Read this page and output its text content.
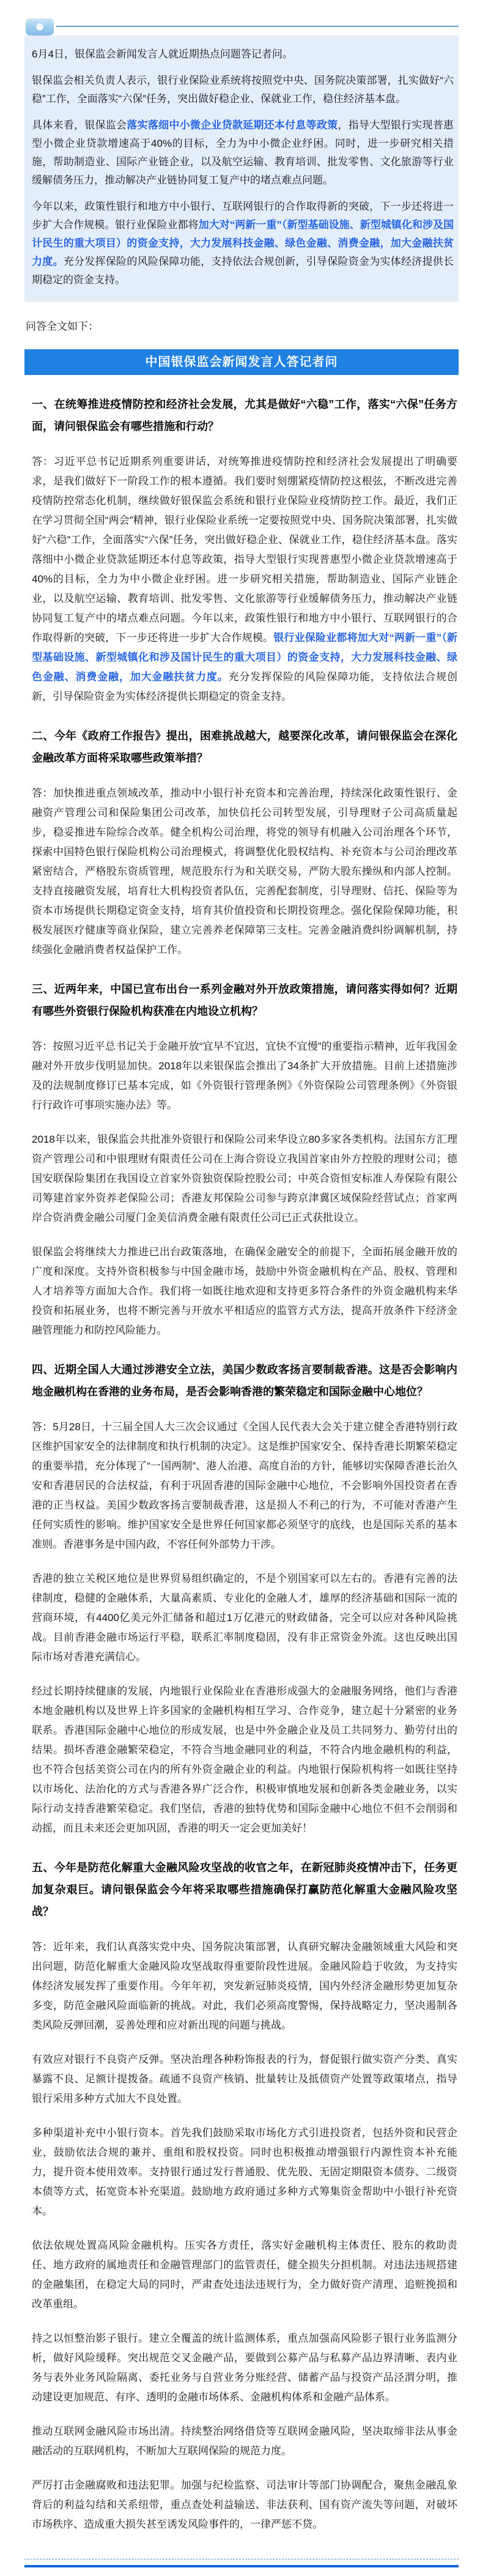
6月4日，银保监会新闻发言人就近期热点问题答记者问。

银保监会相关负责人表示，银行业保险业系统将按照党中央、国务院决策部署，扎实做好“六稳”工作，全面落实“六保”任务，突出做好稳企业、保就业工作，稳住经济基本盘。

具体来看，银保监会落实落细中小微企业贷款延期还本付息等政策，指导大型银行实现普惠型小微企业贷款增速高于40%的目标，全力为中小微企业纾困。同时，进一步研究相关措施，帮助制造业、国际产业链企业，以及航空运输、教育培训、批发零售、文化旅游等行业缓解债务压力，推动解决产业链协同复工复产中的堵点难点问题。

今年以来，政策性银行和地方中小银行、互联网银行的合作取得新的突破，下一步还将进一步扩大合作规模。银行业保险业都将加大对“两新一重”（新型基础设施、新型城镇化和涉及国计民生的重大项目）的资金支持，大力发展科技金融、绿色金融、消费金融，加大金融扶贫力度。充分发挥保险的风险保障功能，支持依法合规创新，引导保险资金为实体经济提供长期稳定的资金支持。

问答全文如下：

中国银保监会新闻发言人答记者问
一、在统筹推进疫情防控和经济社会发展，尤其是做好“六稳”工作，落实“六保”任务方面，请问银保监会有哪些措施和行动？

答：习近平总书记近期系列重要讲话，对统筹推进疫情防控和经济社会发展提出了明确要求，是我们做好下一阶段工作的根本遵循。我们要时刻绷紧疫情防控这根弦，不断改进完善疫情防控常态化机制，继续做好银保监会系统和银行业保险业疫情防控工作。最近，我们正在学习贯彻全国“两会”精神，银行业保险业系统一定要按照党中央、国务院决策部署，扎实做好“六稳”工作，全面落实“六保”任务，突出做好稳企业、保就业工作，稳住经济基本盘。落实落细中小微企业贷款延期还本付息等政策，指导大型银行实现普惠型小微企业贷款增速高于40%的目标，全力为中小微企业纾困。进一步研究相关措施，帮助制造业、国际产业链企业，以及航空运输、教育培训、批发零售、文化旅游等行业缓解债务压力，推动解决产业链协同复工复产中的堵点难点问题。今年以来，政策性银行和地方中小银行、互联网银行的合作取得新的突破，下一步还将进一步扩大合作规模。银行业保险业都将加大对“两新一重”（新型基础设施、新型城镇化和涉及国计民生的重大项目）的资金支持，大力发展科技金融、绿色金融、消费金融，加大金融扶贫力度。充分发挥保险的风险保障功能，支持依法合规创新，引导保险资金为实体经济提供长期稳定的资金支持。

二、今年《政府工作报告》提出，困难挑战越大，越要深化改革，请问银保监会在深化金融改革方面将采取哪些政策举措？

答：加快推进重点领域改革，推动中小银行补充资本和完善治理，持续深化政策性银行、金融资产管理公司和保险集团公司改革，加快信托公司转型发展，引导理财子公司高质量起步，稳妥推进车险综合改革。健全机构公司治理，将党的领导有机融入公司治理各个环节，探索中国特色银行保险机构公司治理模式，将调整优化股权结构、补充资本与公司治理改革紧密结合，严格股东资质管理，规范股东行为和关联交易，严防大股东操纵和内部人控制。支持直接融资发展，培育壮大机构投资者队伍，完善配套制度，引导理财、信托、保险等为资本市场提供长期稳定资金支持，培育其价值投资和长期投资理念。强化保险保障功能，积极发展医疗健康等商业保险，建立完善养老保障第三支柱。完善金融消费纠纷调解机制，持续强化金融消费者权益保护工作。

三、近两年来，中国已宣布出台一系列金融对外开放政策措施，请问落实得如何？近期有哪些外资银行保险机构获准在内地设立机构？

答：按照习近平总书记关于金融开放“宜早不宜迟，宜快不宜慢”的重要指示精神，近年我国金融对外开放步伐明显加快。2018年以来银保监会推出了34条扩大开放措施。目前上述措施涉及的法规制度修订已基本完成，如《外资银行管理条例》《外资保险公司管理条例》《外资银行行政许可事项实施办法》等。

2018年以来，银保监会共批准外资银行和保险公司来华设立80多家各类机构。法国东方汇理资产管理公司和中银理财有限责任公司在上海合资设立我国首家由外方控股的理财公司；德国安联保险集团在我国设立首家外资独资保险控股公司；中英合资恒安标准人寿保险有限公司筹建首家外资养老保险公司；香港友邦保险公司参与跨京津冀区域保险经营试点；首家两岸合资消费金融公司厦门金美信消费金融有限责任公司已正式获批设立。

银保监会将继续大力推进已出台政策落地，在确保金融安全的前提下，全面拓展金融开放的广度和深度。支持外资积极参与中国金融市场，鼓励中外资金融机构在产品、股权、管理和人才培养等方面加大合作。我们将一如既往地欢迎和支持更多符合条件的外资金融机构来华投资和拓展业务，也将不断完善与开放水平相适应的监管方式方法，提高开放条件下经济金融管理能力和防控风险能力。

四、近期全国人大通过涉港安全立法，美国少数政客扬言要制裁香港。这是否会影响内地金融机构在香港的业务布局，是否会影响香港的繁荣稳定和国际金融中心地位？

答：5月28日，十三届全国人大三次会议通过《全国人民代表大会关于建立健全香港特别行政区维护国家安全的法律制度和执行机制的决定》。这是维护国家安全、保持香港长期繁荣稳定的重要举措，充分体现了“一国两制”、港人治港、高度自治的方针，能够切实保障香港长治久安和香港居民的合法权益，有利于巩固香港的国际金融中心地位，不会影响外国投资者在香港的正当权益。美国少数政客扬言要制裁香港，这是损人不利己的行为，不可能对香港产生任何实质性的影响。维护国家安全是世界任何国家都必须坚守的底线，也是国际关系的基本准则。香港事务是中国内政，不容任何外部势力干涉。

香港的独立关税区地位是世界贸易组织确定的，不是个别国家可以左右的。香港有完善的法律制度，稳健的金融体系，大量高素质、专业化的金融人才，雄厚的经济基础和国际一流的营商环境，有4400亿美元外汇储备和超过1万亿港元的财政储备，完全可以应对各种风险挑战。目前香港金融市场运行平稳，联系汇率制度稳固，没有非正常资金外流。这也反映出国际市场对香港充满信心。

经过长期持续健康的发展，内地银行业保险业在香港形成强大的金融服务网络，他们与香港本地金融机构以及世界上许多国家的金融机构相互学习、合作竞争，建立起十分紧密的业务联系。香港国际金融中心地位的形成发展，也是中外金融企业及员工共同努力、勤劳付出的结果。损坏香港金融繁荣稳定，不符合当地金融同业的利益，不符合内地金融机构的利益，也不符合包括美资公司在内的所有外资金融企业的利益。内地银行保险机构将一如既往坚持以市场化、法治化的方式与香港各界广泛合作，积极审慎地发展和创新各类金融业务，以实际行动支持香港繁荣稳定。我们坚信，香港的独特优势和国际金融中心地位不但不会削弱和动摇，而且未来还会更加巩固，香港的明天一定会更加美好！

五、今年是防范化解重大金融风险攻坚战的收官之年，在新冠肺炎疫情冲击下，任务更加复杂艰巨。请问银保监会今年将采取哪些措施确保打赢防范化解重大金融风险攻坚战？

答：近年来，我们认真落实党中央、国务院决策部署，认真研究解决金融领域重大风险和突出问题，防范化解重大金融风险攻坚战取得重要阶段性进展。金融风险趋于收敛，为支持实体经济发展发挥了重要作用。今年年初，突发新冠肺炎疫情，国内外经济金融形势更加复杂多变，防范金融风险面临新的挑战。对此，我们必须高度警惕，保持战略定力，坚决遏制各类风险反弹回潮，妥善处理和应对新出现的问题与挑战。

有效应对银行不良资产反弹。坚决治理各种粉饰报表的行为，督促银行做实资产分类、真实暴露不良、足额计提拨备。疏通不良资产核销、批量转让及抵债资产处置等政策堵点，指导银行采用多种方式加大不良处置。

多种渠道补充中小银行资本。首先我们鼓励采取市场化方式引进投资者，包括外资和民营企业，鼓励依法合规的兼并、重组和股权投资。同时也积极推动增强银行内源性资本补充能力，提升资本使用效率。支持银行通过发行普通股、优先股、无固定期限资本债券、二级资本债等方式，拓宽资本补充渠道。鼓励地方政府通过多种方式筹集资金帮助中小银行补充资本。

依法依规处置高风险金融机构。压实各方责任，落实好金融机构主体责任、股东的救助责任、地方政府的属地责任和金融管理部门的监管责任，健全损失分担机制。对违法违规搭建的金融集团，在稳定大局的同时，严肃查处违法违规行为，全力做好资产清理、追赃挽损和改革重组。

持之以恒整治影子银行。建立全覆盖的统计监测体系，重点加强高风险影子银行业务监测分析，做好风险缓释。突出规范交叉金融产品，要做到公募产品与私募产品边界清晰、表内业务与表外业务风险隔离、委托业务与自营业务分账经营、储蓄产品与投资产品泾渭分明，推动建设更加规范、有序、透明的金融市场体系、金融机构体系和金融产品体系。

推动互联网金融风险市场出清。持续整治网络借贷等互联网金融风险，坚决取缔非法从事金融活动的互联网机构，不断加大互联网保险的规范力度。

严厉打击金融腐败和违法犯罪。加强与纪检监察、司法审计等部门协调配合，聚焦金融乱象背后的利益勾结和关系纽带，重点查处利益输送、非法获利、国有资产流失等问题，对破坏市场秩序、造成重大损失甚至诱发风险事件的，一律严惩不贷。
